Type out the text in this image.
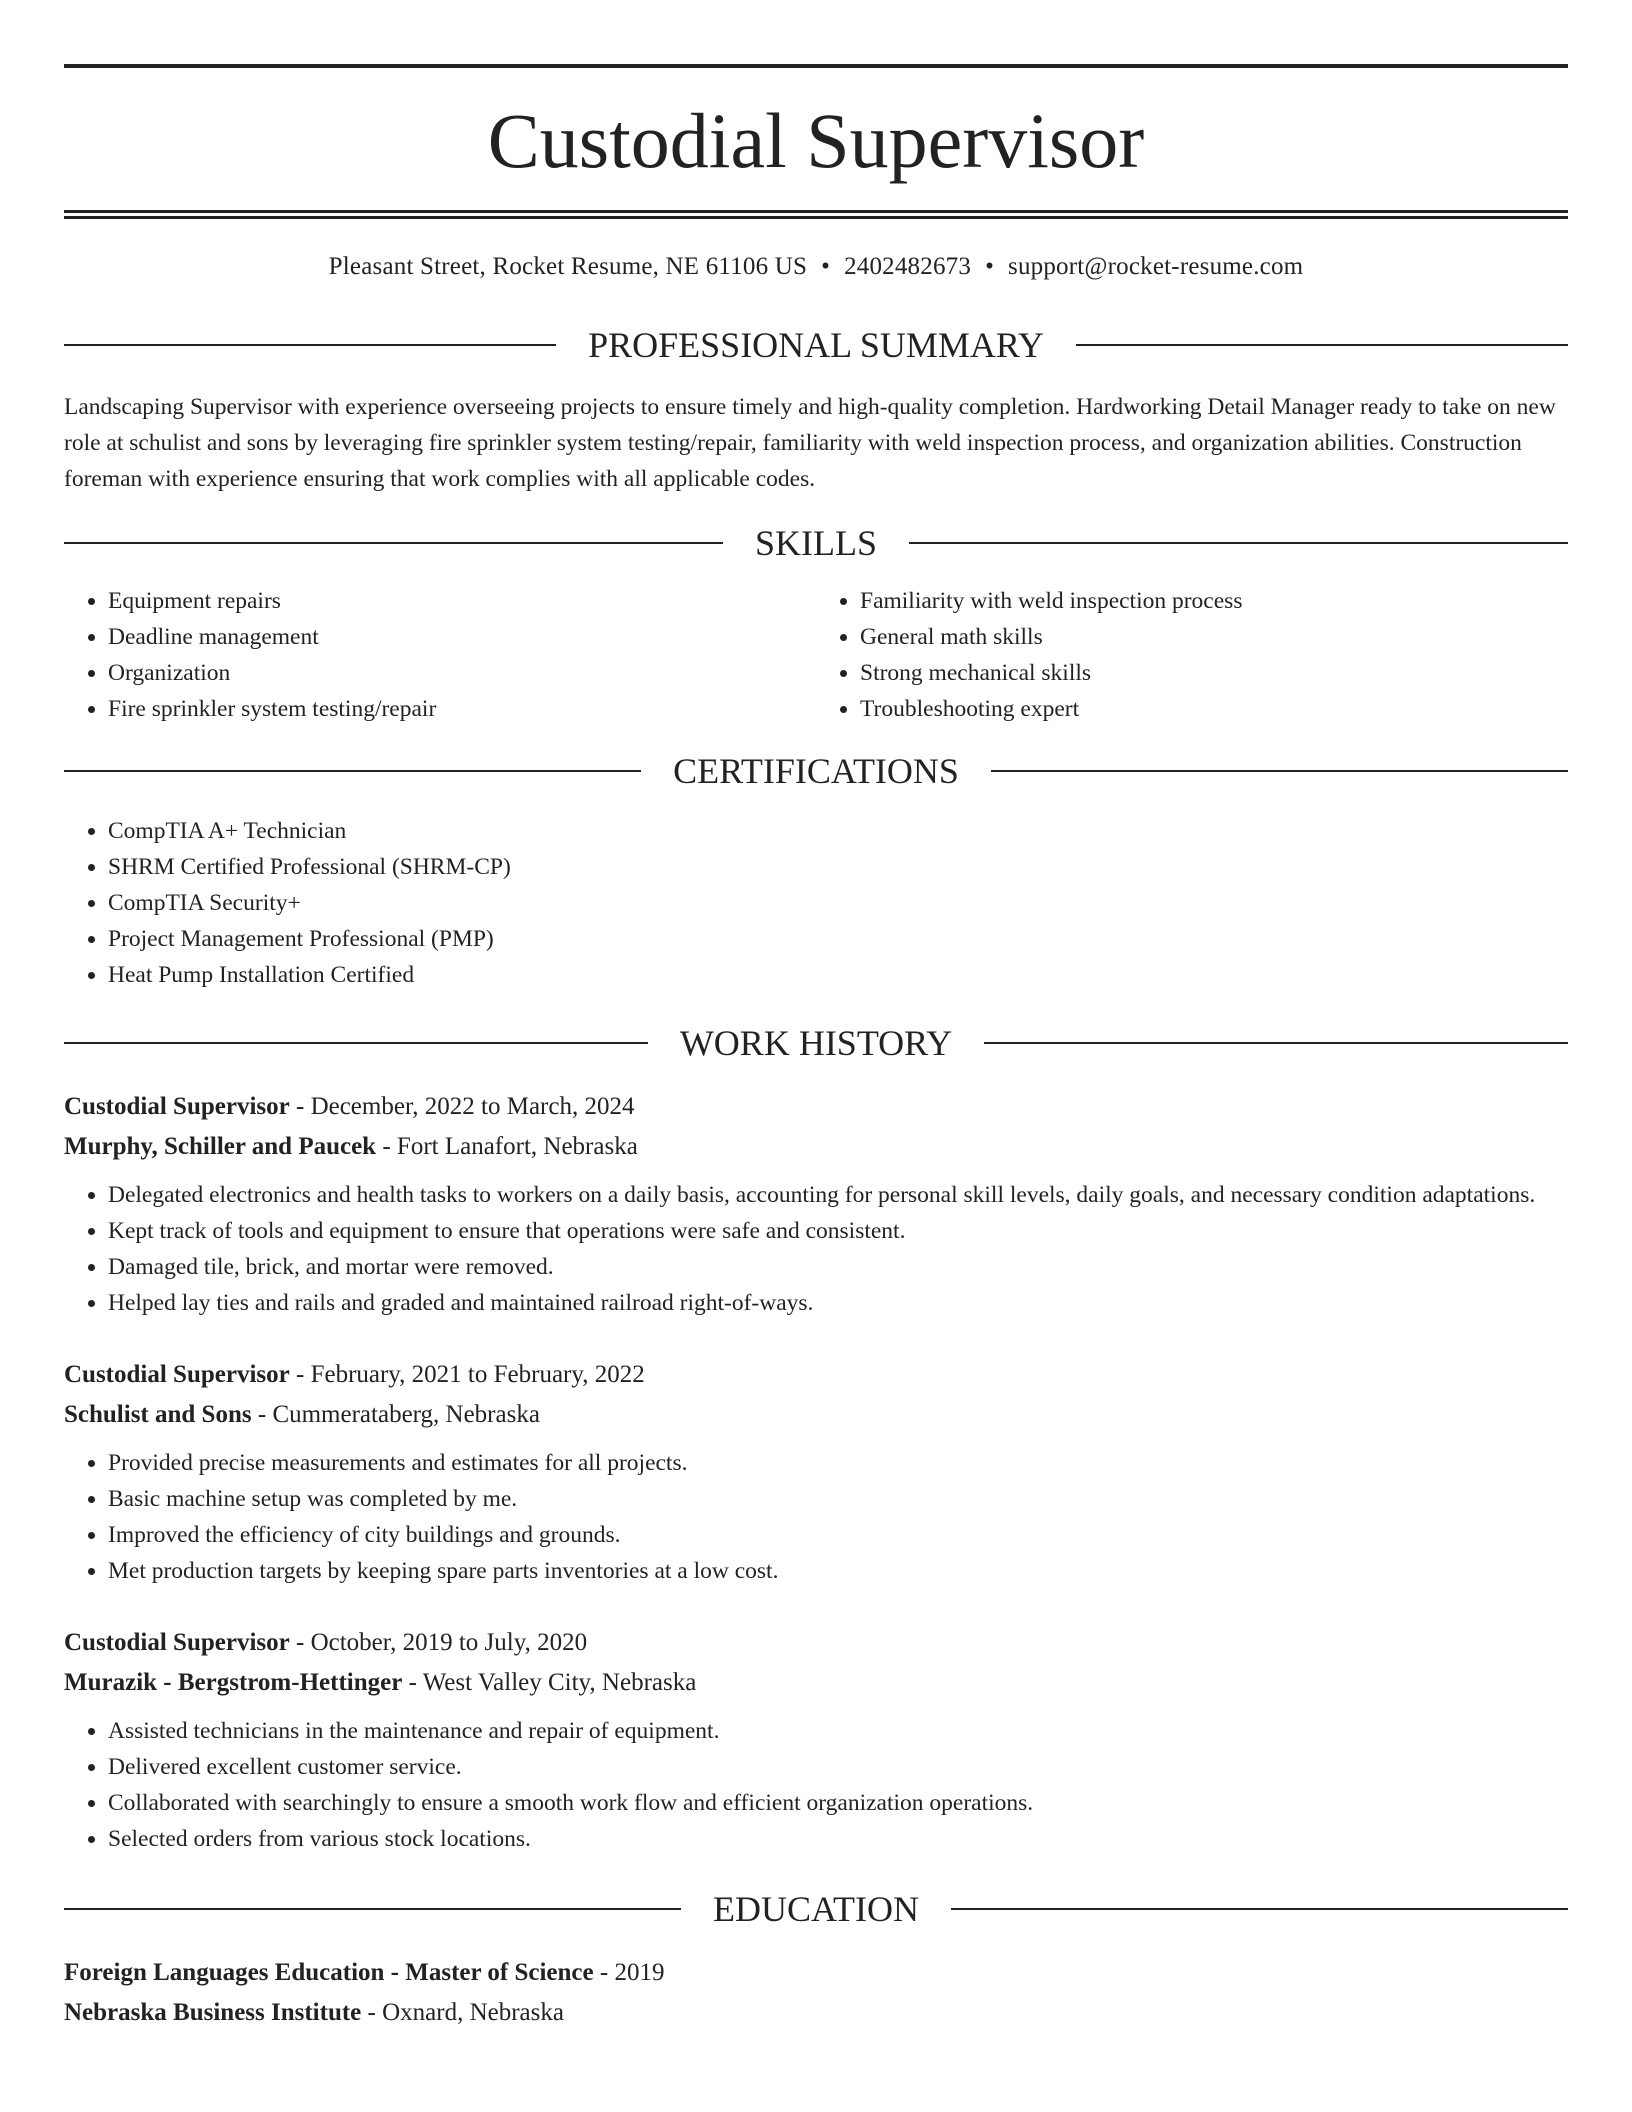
Custodial Supervisor
Pleasant Street, Rocket Resume, NE 61106 US • 2402482673 • support@rocket-resume.com
PROFESSIONAL SUMMARY

Landscaping Supervisor with experience overseeing projects to ensure timely and high-quality completion. Hardworking Detail Manager ready to take on new role at schulist and sons by leveraging fire sprinkler system testing/repair, familiarity with weld inspection process, and organization abilities. Construction foreman with experience ensuring that work complies with all applicable codes.

SKILLS
• Equipment repairs
• Deadline management
• Organization
• Fire sprinkler system testing/repair
• Familiarity with weld inspection process
• General math skills
• Strong mechanical skills
• Troubleshooting expert
CERTIFICATIONS
• CompTIA A+ Technician
• SHRM Certified Professional (SHRM-CP)
• CompTIA Security+
• Project Management Professional (PMP)
• Heat Pump Installation Certified
WORK HISTORY
Custodial Supervisor - December, 2022 to March, 2024
Murphy, Schiller and Paucek - Fort Lanafort, Nebraska
• Delegated electronics and health tasks to workers on a daily basis, accounting for personal skill levels, daily goals, and necessary condition adaptations.
• Kept track of tools and equipment to ensure that operations were safe and consistent.
• Damaged tile, brick, and mortar were removed.
• Helped lay ties and rails and graded and maintained railroad right-of-ways.
Custodial Supervisor - February, 2021 to February, 2022
Schulist and Sons - Cummerataberg, Nebraska
• Provided precise measurements and estimates for all projects.
• Basic machine setup was completed by me.
• Improved the efficiency of city buildings and grounds.
• Met production targets by keeping spare parts inventories at a low cost.
Custodial Supervisor - October, 2019 to July, 2020
Murazik - Bergstrom-Hettinger - West Valley City, Nebraska
• Assisted technicians in the maintenance and repair of equipment.
• Delivered excellent customer service.
• Collaborated with searchingly to ensure a smooth work flow and efficient organization operations.
• Selected orders from various stock locations.
EDUCATION
Foreign Languages Education - Master of Science - 2019
Nebraska Business Institute - Oxnard, Nebraska
